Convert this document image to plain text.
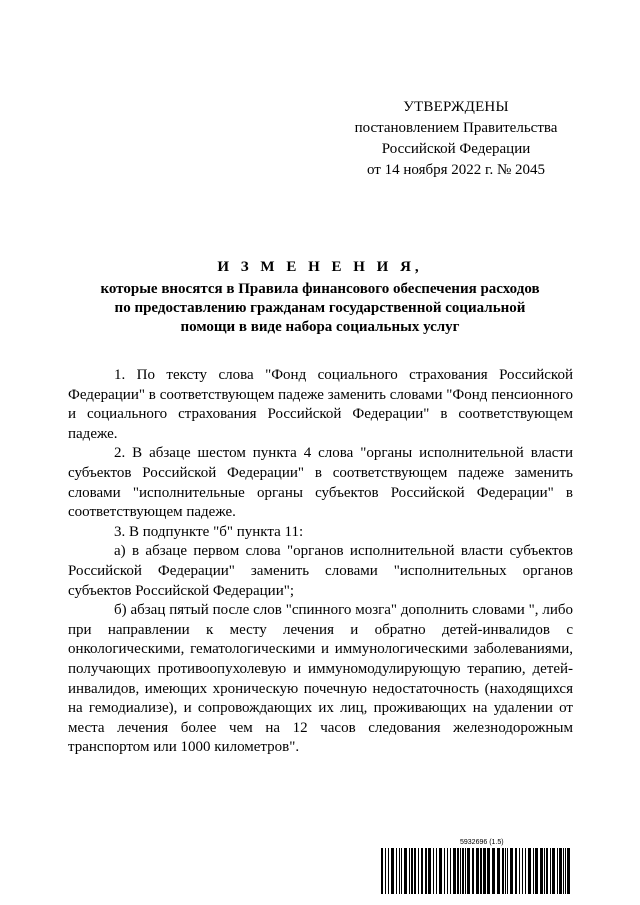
УТВЕРЖДЕНЫ
постановлением Правительства
Российской Федерации
от 14 ноября 2022 г. № 2045
И З М Е Н Е Н И Я,
которые вносятся в Правила финансового обеспечения расходов
по предоставлению гражданам государственной социальной
помощи в виде набора социальных услуг

1. По тексту слова "Фонд социального страхования Российской Федерации" в соответствующем падеже заменить словами "Фонд пенсионного и социального страхования Российской Федерации" в соответствующем падеже.

2. В абзаце шестом пункта 4 слова "органы исполнительной власти субъектов Российской Федерации" в соответствующем падеже заменить словами "исполнительные органы субъектов Российской Федерации" в соответствующем падеже.

3. В подпункте "б" пункта 11:

а) в абзаце первом слова "органов исполнительной власти субъектов Российской Федерации" заменить словами "исполнительных органов субъектов Российской Федерации";

б) абзац пятый после слов "спинного мозга" дополнить словами ", либо при направлении к месту лечения и обратно детей-инвалидов с онкологическими, гематологическими и иммунологическими заболеваниями, получающих противоопухолевую и иммуномодулирующую терапию, детей-инвалидов, имеющих хроническую почечную недостаточность (находящихся на гемодиализе), и сопровождающих их лиц, проживающих на удалении от места лечения более чем на 12 часов следования железнодорожным транспортом или 1000 километров".

5932696 (1.5)
